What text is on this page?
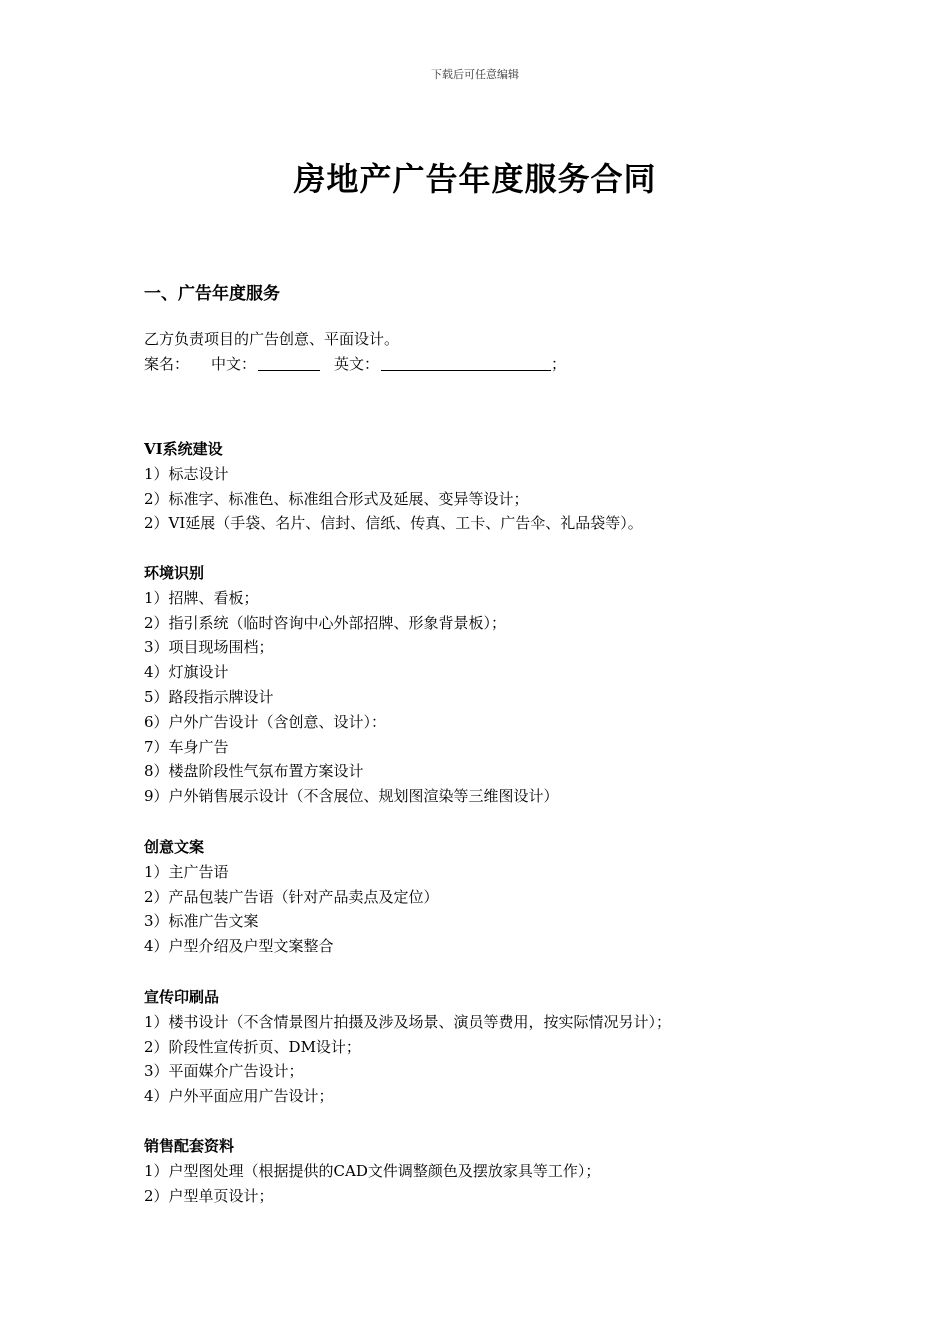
下载后可任意编辑
房地产广告年度服务合同
一、广告年度服务

乙方负责项目的广告创意、平面设计。

案名： 中文：	英文：	；

VI系统建设

1）标志设计

2）标准字、标准色、标准组合形式及延展、变异等设计；

2）VI延展（手袋、名片、信封、信纸、传真、工卡、广告伞、礼品袋等）。

环境识别

1）招牌、看板；

2）指引系统（临时咨询中心外部招牌、形象背景板）；

3）项目现场围档；

4）灯旗设计

5）路段指示牌设计

6）户外广告设计（含创意、设计）：

7）车身广告

8）楼盘阶段性气氛布置方案设计

9）户外销售展示设计（不含展位、规划图渲染等三维图设计）

创意文案

1）主广告语

2）产品包装广告语（针对产品卖点及定位）

3）标准广告文案

4）户型介绍及户型文案整合

宣传印刷品

1）楼书设计（不含情景图片拍摄及涉及场景、演员等费用，按实际情况另计）；

2）阶段性宣传折页、DM设计；

3）平面媒介广告设计；

4）户外平面应用广告设计；

销售配套资料

1）户型图处理（根据提供的CAD文件调整颜色及摆放家具等工作）；

2）户型单页设计；
